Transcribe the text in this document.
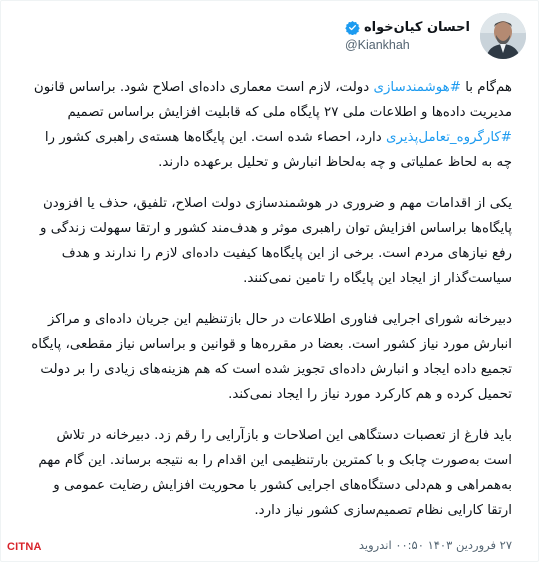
احسان کیان‌خواه
@Kiankhah

هم‌گام با #هوشمندسازی دولت، لازم است معماری داده‌ای اصلاح شود. براساس قانون مدیریت داده‌ها و اطلاعات ملی ۲۷ پایگاه ملی که قابلیت افزایش براساس تصمیم #کارگروه_تعامل‌پذیری دارد، احصاء شده است. این پایگاه‌ها هسته‌ی راهبری کشور را چه به لحاظ عملیاتی و چه به‌لحاظ انبارش و تحلیل برعهده دارند.

یکی از اقدامات مهم و ضروری در هوشمندسازی دولت اصلاح، تلفیق، حذف یا افزودن پایگاه‌ها براساس افزایش توان راهبری موثر و هدف‌مند کشور و ارتقا سهولت زندگی و رفع نیازهای مردم است. برخی از این پایگاه‌ها کیفیت داده‌ای لازم را ندارند و هدف سیاست‌گذار از ایجاد این پایگاه را تامین نمی‌کنند.

دبیرخانه شورای اجرایی فناوری اطلاعات در حال بازتنظیم این جریان داده‌ای و مراکز انبارش مورد نیاز کشور است. بعضا در مقرره‌ها و قوانین و براساس نیاز مقطعی، پایگاه تجمیع داده ایجاد و انبارش داده‌ای تجویز شده است که هم هزینه‌های زیادی را بر دولت تحمیل کرده و هم کارکرد مورد نیاز را ایجاد نمی‌کند.

باید فارغ از تعصبات دستگاهی این اصلاحات و بازآرایی را رقم زد. دبیرخانه در تلاش است به‌صورت چابک و با کمترین بارتنظیمی این اقدام را به نتیجه برساند. این گام مهم به‌همراهی و هم‌دلی دستگاه‌های اجرایی کشور با محوریت افزایش رضایت عمومی و ارتقا کارایی نظام تصمیم‌سازی کشور نیاز دارد.

۲۷ فروردین ۱۴۰۳ ۰۰:۵۰ اندروید
CITNA
